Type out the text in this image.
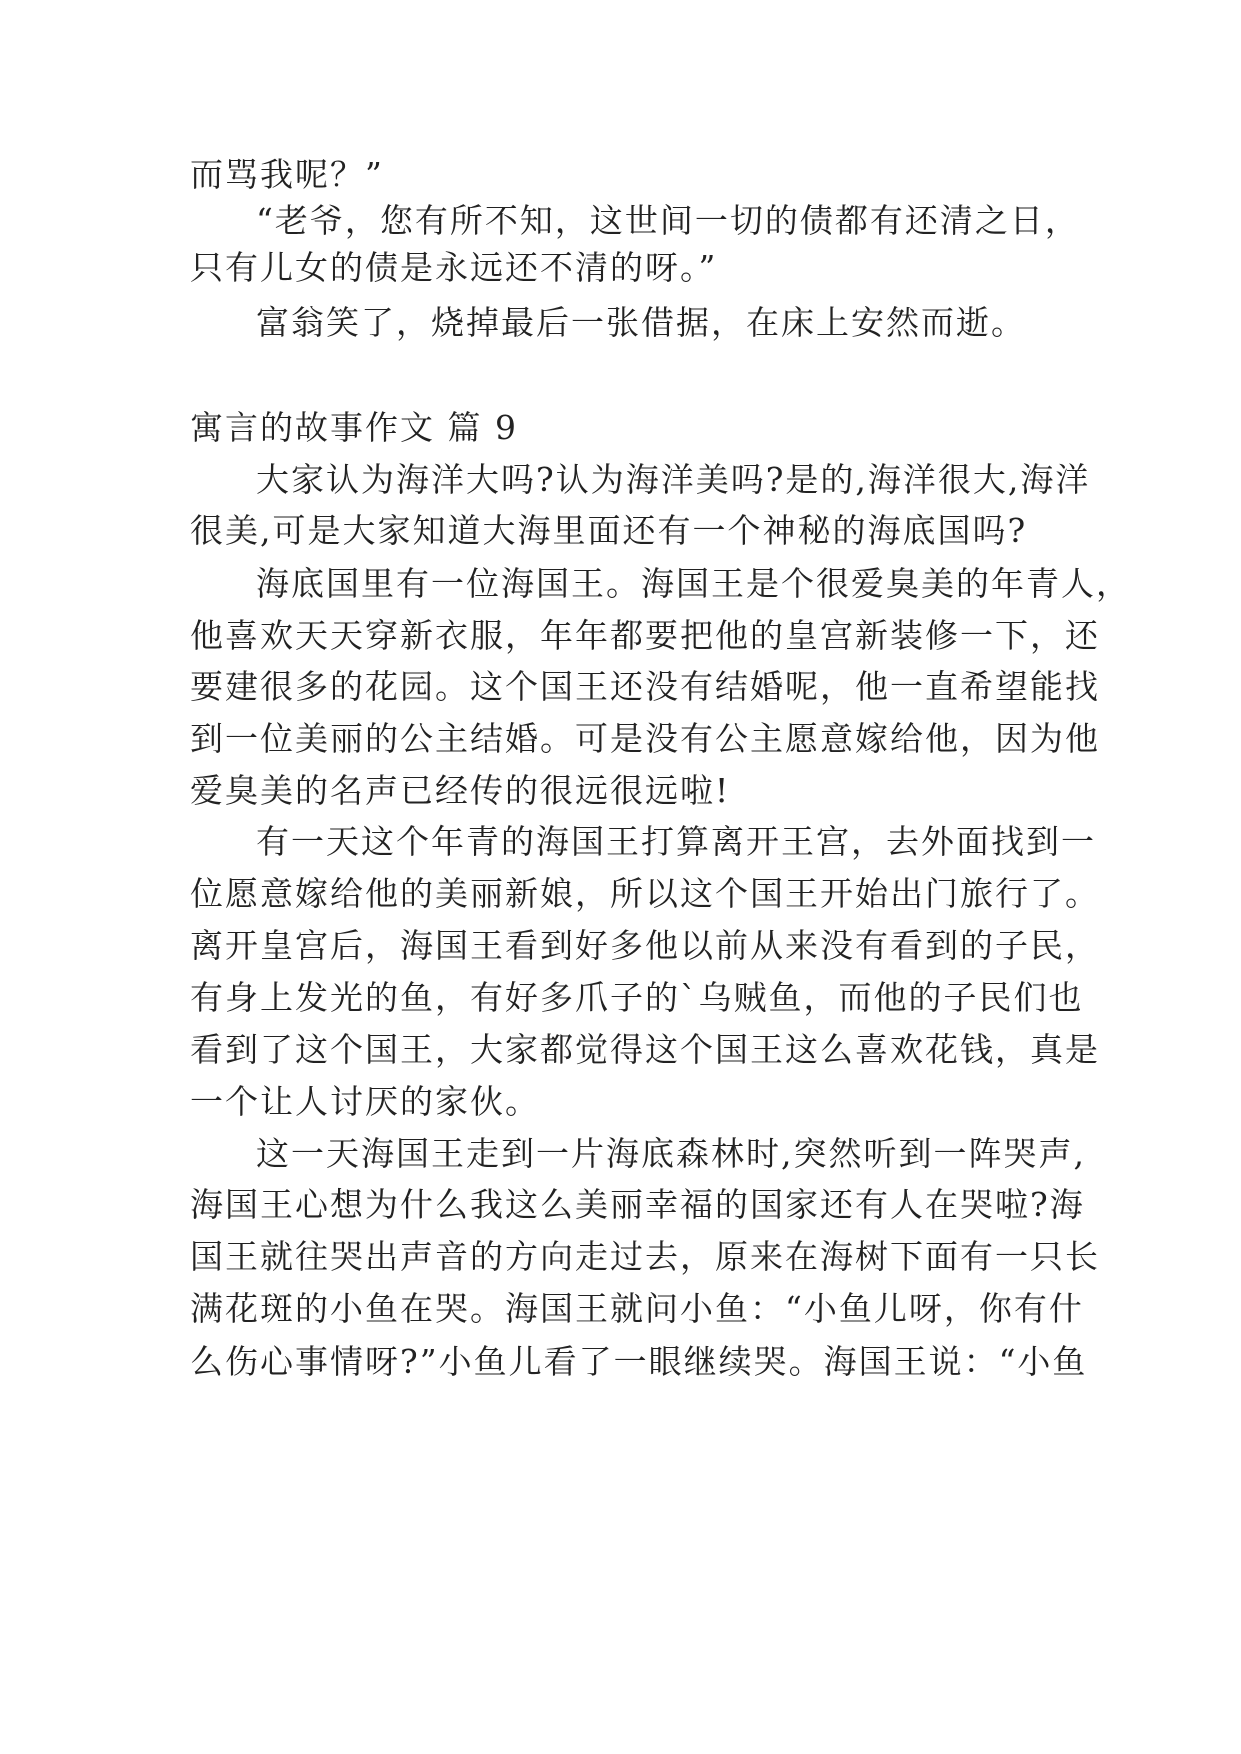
而骂我呢？”
“老爷，您有所不知，这世间一切的债都有还清之日，
只有儿女的债是永远还不清的呀。”
富翁笑了，烧掉最后一张借据，在床上安然而逝。
寓言的故事作文 篇 9
大家认为海洋大吗?认为海洋美吗?是的,海洋很大,海洋
很美,可是大家知道大海里面还有一个神秘的海底国吗?
海底国里有一位海国王。海国王是个很爱臭美的年青人，
他喜欢天天穿新衣服，年年都要把他的皇宫新装修一下，还
要建很多的花园。这个国王还没有结婚呢，他一直希望能找
到一位美丽的公主结婚。可是没有公主愿意嫁给他，因为他
爱臭美的名声已经传的很远很远啦!
有一天这个年青的海国王打算离开王宫，去外面找到一
位愿意嫁给他的美丽新娘，所以这个国王开始出门旅行了。
离开皇宫后，海国王看到好多他以前从来没有看到的子民，
有身上发光的鱼，有好多爪子的`乌贼鱼，而他的子民们也
看到了这个国王，大家都觉得这个国王这么喜欢花钱，真是
一个让人讨厌的家伙。
这一天海国王走到一片海底森林时,突然听到一阵哭声,
海国王心想为什么我这么美丽幸福的国家还有人在哭啦?海
国王就往哭出声音的方向走过去，原来在海树下面有一只长
满花斑的小鱼在哭。海国王就问小鱼：“小鱼儿呀，你有什
么伤心事情呀?”小鱼儿看了一眼继续哭。海国王说：“小鱼
